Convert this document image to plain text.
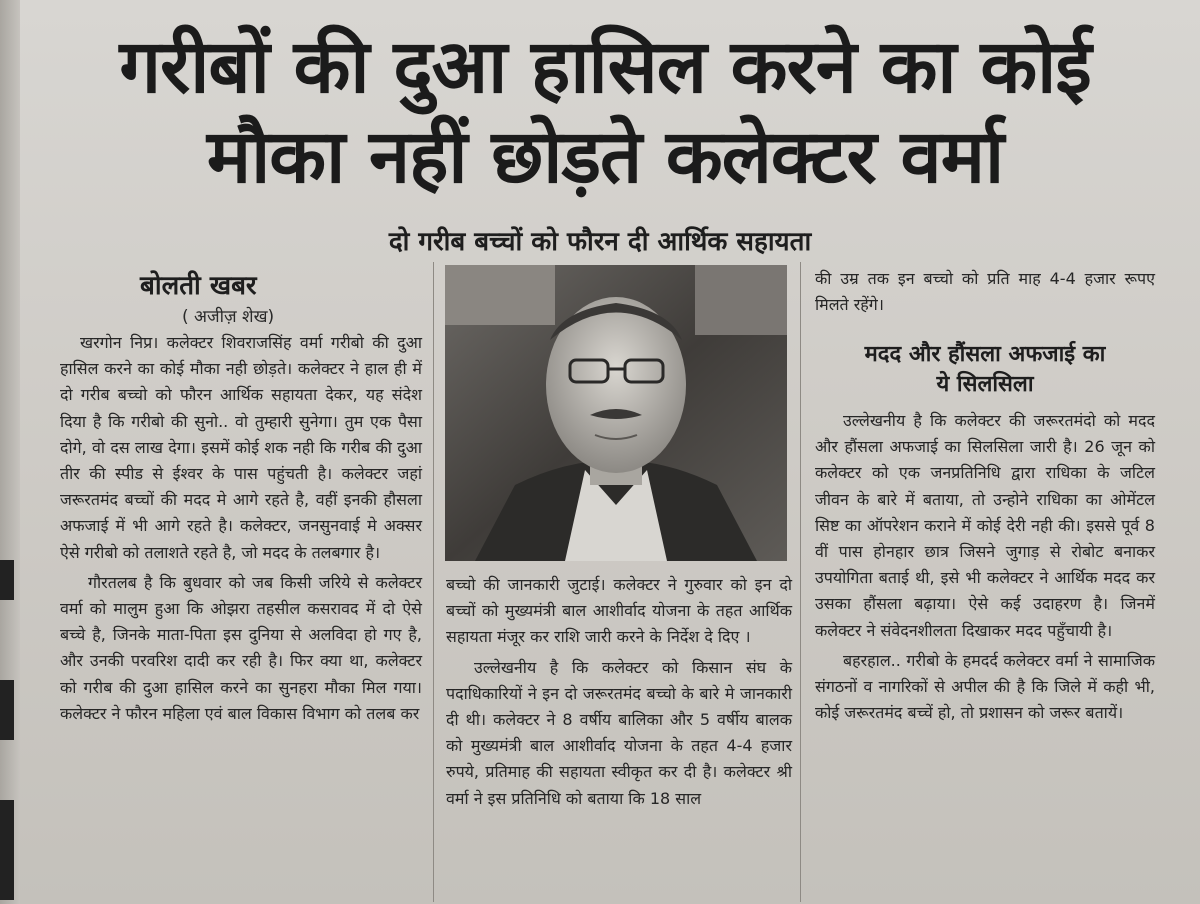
गरीबों की दुआ हासिल करने का कोई
मौका नहीं छोड़ते कलेक्टर वर्मा
दो गरीब बच्चों को फौरन दी आर्थिक सहायता
बोलती खबर
( अजीज़ शेख)

खरगोन निप्र। कलेक्टर शिवराजसिंह वर्मा गरीबो की दुआ हासिल करने का कोई मौका नही छोड़ते। कलेक्टर ने हाल ही में दो गरीब बच्चो को फौरन आर्थिक सहायता देकर, यह संदेश दिया है कि गरीबो की सुनो.. वो तुम्हारी सुनेगा। तुम एक पैसा दोगे, वो दस लाख देगा। इसमें कोई शक नही कि गरीब की दुआ तीर की स्पीड से ईश्वर के पास पहुंचती है। कलेक्टर जहां जरूरतमंद बच्चों की मदद मे आगे रहते है, वहीं इनकी हौसला अफजाई में भी आगे रहते है। कलेक्टर, जनसुनवाई मे अक्सर ऐसे गरीबो को तलाशते रहते है, जो मदद के तलबगार है।

गौरतलब है कि बुधवार को जब किसी जरिये से कलेक्टर वर्मा को मालुम हुआ कि ओझरा तहसील कसरावद में दो ऐसे बच्चे है, जिनके माता-पिता इस दुनिया से अलविदा हो गए है, और उनकी परवरिश दादी कर रही है। फिर क्या था, कलेक्टर को गरीब की दुआ हासिल करने का सुनहरा मौका मिल गया। कलेक्टर ने फौरन महिला एवं बाल विकास विभाग को तलब कर

बच्चो की जानकारी जुटाई। कलेक्टर ने गुरुवार को इन दो बच्चों को मुख्यमंत्री बाल आशीर्वाद योजना के तहत आर्थिक सहायता मंजूर कर राशि जारी करने के निर्देश दे दिए ।

उल्लेखनीय है कि कलेक्टर को किसान संघ के पदाधिकारियों ने इन दो जरूरतमंद बच्चो के बारे मे जानकारी दी थी। कलेक्टर ने 8 वर्षीय बालिका और 5 वर्षीय बालक को मुख्यमंत्री बाल आशीर्वाद योजना के तहत 4-4 हजार रुपये, प्रतिमाह की सहायता स्वीकृत कर दी है। कलेक्टर श्री वर्मा ने इस प्रतिनिधि को बताया कि 18 साल

की उम्र तक इन बच्चो को प्रति माह 4-4 हजार रूपए मिलते रहेंगे।

मदद और हौंसला अफजाई का
ये सिलसिला

उल्लेखनीय है कि कलेक्टर की जरूरतमंदो को मदद और हौंसला अफजाई का सिलसिला जारी है। 26 जून को कलेक्टर को एक जनप्रतिनिधि द्वारा राधिका के जटिल जीवन के बारे में बताया, तो उन्होने राधिका का ओमेंटल सिष्ट का ऑपरेशन कराने में कोई देरी नही की। इससे पूर्व 8 वीं पास होनहार छात्र जिसने जुगाड़ से रोबोट बनाकर उपयोगिता बताई थी, इसे भी कलेक्टर ने आर्थिक मदद कर उसका हौंसला बढ़ाया। ऐसे कई उदाहरण है। जिनमें कलेक्टर ने संवेदनशीलता दिखाकर मदद पहुँचायी है।

बहरहाल.. गरीबो के हमदर्द कलेक्टर वर्मा ने सामाजिक संगठनों व नागरिकों से अपील की है कि जिले में कही भी, कोई जरूरतमंद बच्चें हो, तो प्रशासन को जरूर बतायें।
